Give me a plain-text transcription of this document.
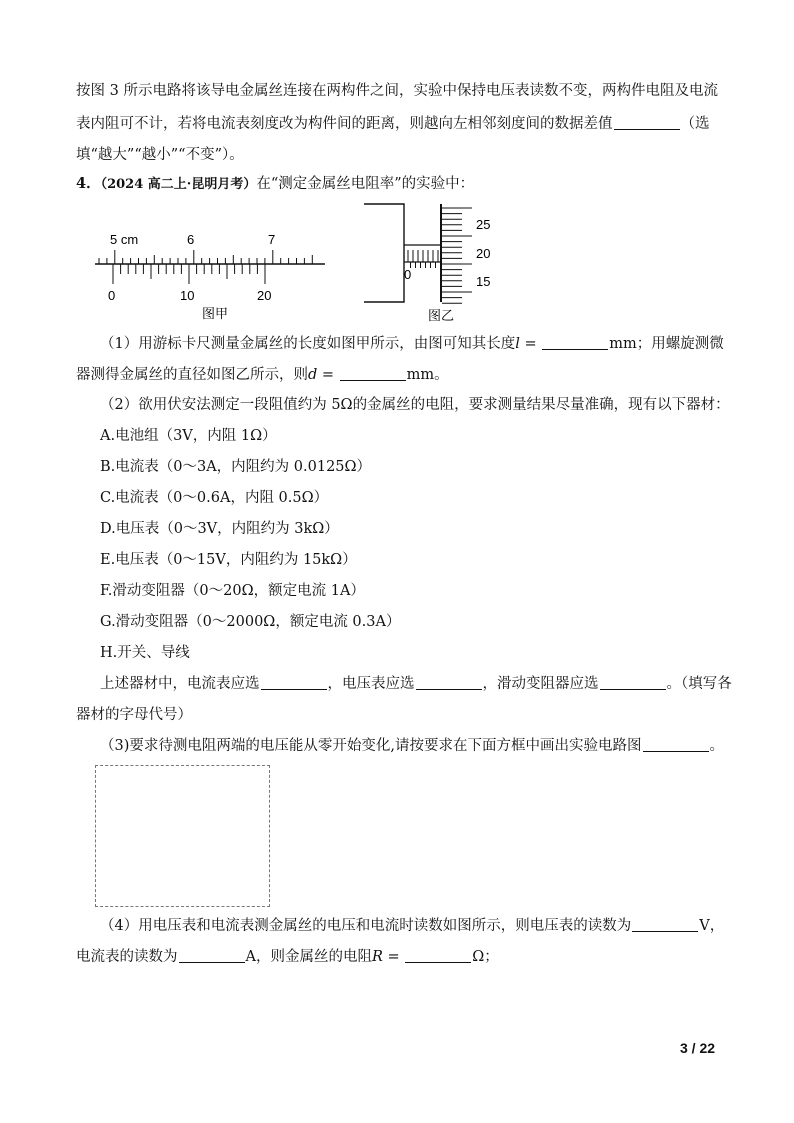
按图 3 所示电路将该导电金属丝连接在两构件之间，实验中保持电压表读数不变，两构件电阻及电流
表内阻可不计，若将电流表刻度改为构件间的距离，则越向左相邻刻度间的数据差值	（选
填“越大”“越小”“不变”）。
4．（2024 高二上·昆明月考）在“测定金属丝电阻率”的实验中：
5 cm	6	7
0	10	20
图甲
25
20
15
0
图乙
（1）用游标卡尺测量金属丝的长度如图甲所示，由图可知其长度l =	mm；用螺旋测微
器测得金属丝的直径如图乙所示，则d =	mm。
（2）欲用伏安法测定一段阻值约为 5Ω的金属丝的电阻，要求测量结果尽量准确，现有以下器材：
A.电池组（3V，内阻 1Ω）
B.电流表（0～3A，内阻约为 0.0125Ω）
C.电流表（0～0.6A，内阻 0.5Ω）
D.电压表（0～3V，内阻约为 3kΩ）
E.电压表（0～15V，内阻约为 15kΩ）
F.滑动变阻器（0～20Ω，额定电流 1A）
G.滑动变阻器（0～2000Ω，额定电流 0.3A）
H.开关、导线
上述器材中，电流表应选	，电压表应选	，滑动变阻器应选	。（填写各
器材的字母代号）
（3)要求待测电阻两端的电压能从零开始变化,请按要求在下面方框中画出实验电路图	。
（4）用电压表和电流表测金属丝的电压和电流时读数如图所示，则电压表的读数为	V，
电流表的读数为	A，则金属丝的电阻R =	Ω；
3 / 22
